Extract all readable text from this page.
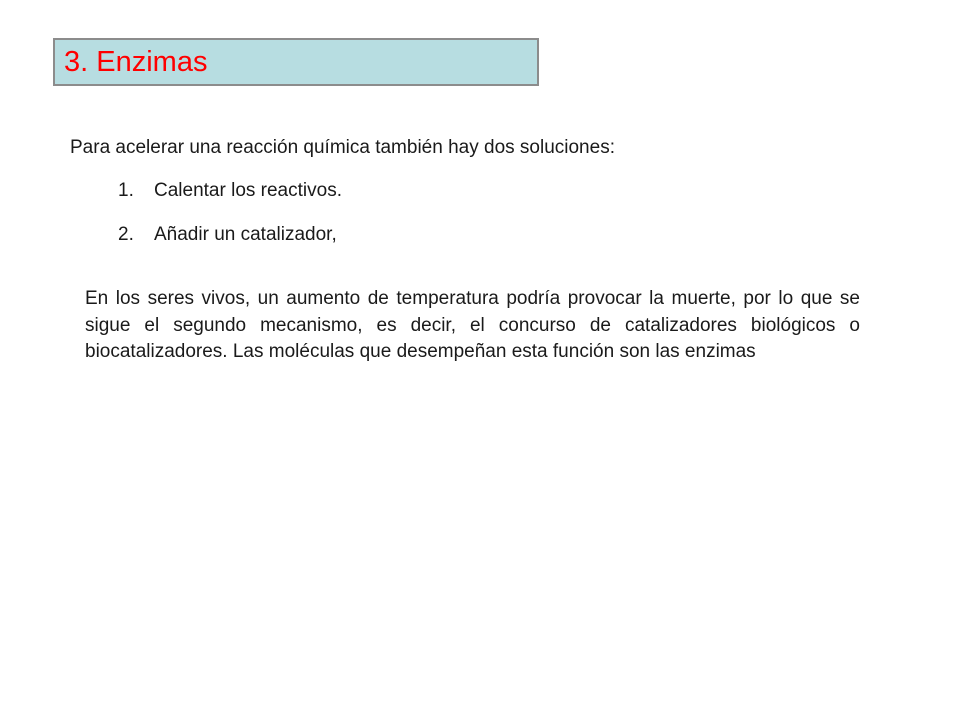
3. Enzimas
Para acelerar una reacción química también hay dos soluciones:
1. Calentar los reactivos.
2. Añadir un catalizador,

En los seres vivos, un aumento de temperatura podría provocar la muerte, por lo que se sigue el segundo mecanismo, es decir, el concurso de catalizadores biológicos o biocatalizadores. Las moléculas que desempeñan esta función son las enzimas
